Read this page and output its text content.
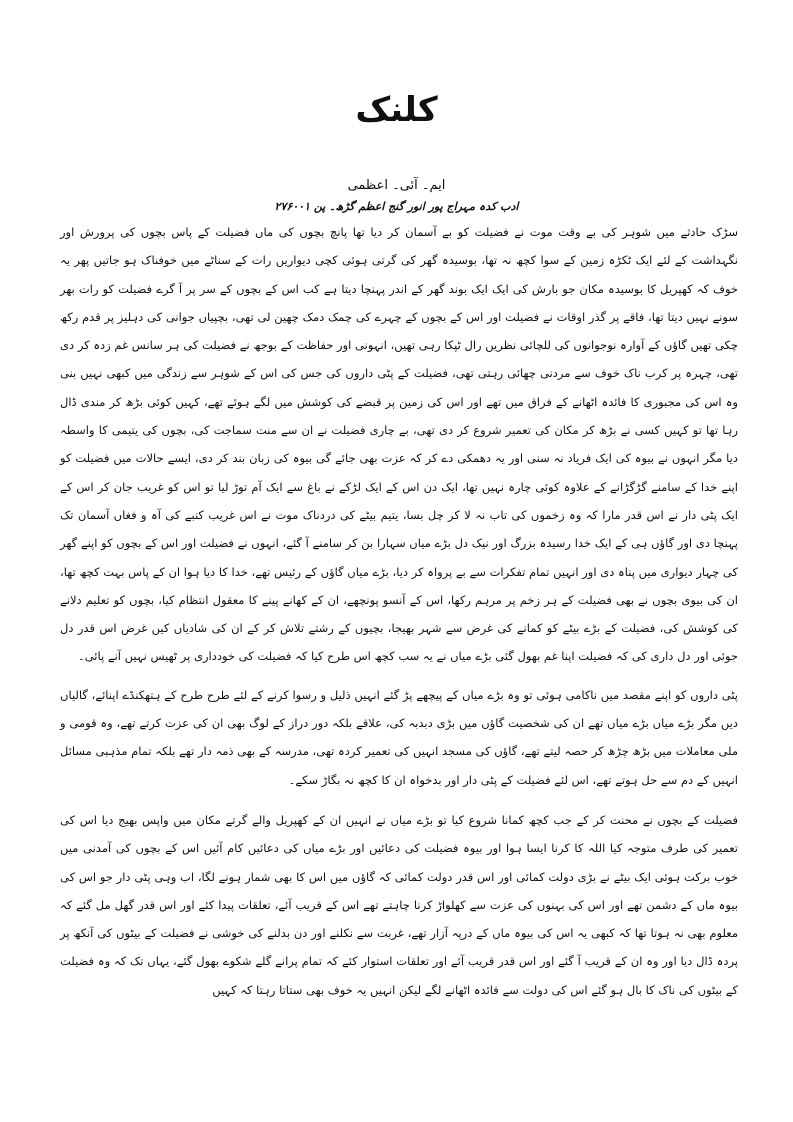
کلنک
ایم۔ آئی۔ اعظمی
ادب کدہ مہراج پور انور گنج اعظم گڑھ۔ پن ۲۷۶۰۰۱

سڑک حادثے میں شوہر کی بے وقت موت نے فضیلت کو بے آسمان کر دیا تھا پانچ بچوں کی ماں فضیلت کے پاس بچوں کی پرورش اور نگہداشت کے لئے ایک ٹکڑہ زمین کے سوا کچھ نہ تھا، بوسیدہ گھر کی گرتی ہوئی کچی دیواریں رات کے سناٹے میں خوفناک ہو جاتیں پھر یہ خوف کہ کھپریل کا بوسیدہ مکان جو بارش کی ایک ایک بوند گھر کے اندر پہنچا دیتا ہے کب اس کے بچوں کے سر پر آ گرے فضیلت کو رات بھر سونے نہیں دیتا تھا، فاقے پر گذر اوقات نے فضیلت اور اس کے بچوں کے چہرے کی چمک دمک چھین لی تھی، بچپیاں جوانی کی دہلیز پر قدم رکھ چکی تھیں گاؤں کے آوارہ نوجوانوں کی للچائی نظریں رال ٹپکا رہی تھیں، انہونی اور حفاظت کے بوجھ نے فضیلت کی ہر سانس غم زدہ کر دی تھی، چہرہ پر کرب ناک خوف سے مردنی چھائی رہتی تھی، فضیلت کے پٹی داروں کی جس کی اس کے شوہر سے زندگی میں کبھی نہیں بنی وہ اس کی مجبوری کا فائدہ اٹھانے کے فراق میں تھے اور اس کی زمین پر قبضے کی کوشش میں لگے ہوئے تھے، کہیں کوئی بڑھ کر مندی ڈال رہا تھا تو کہیں کسی نے بڑھ کر مکان کی تعمیر شروع کر دی تھی، بے چاری فضیلت نے ان سے منت سماجت کی، بچوں کی یتیمی کا واسطہ دیا مگر انہوں نے بیوہ کی ایک فریاد نہ سنی اور یہ دھمکی دے کر کہ عزت بھی جائے گی بیوہ کی زبان بند کر دی، ایسے حالات میں فضیلت کو اپنے خدا کے سامنے گڑگڑانے کے علاوہ کوئی چارہ نہیں تھا، ایک دن اس کے ایک لڑکے نے باغ سے ایک آم توڑ لیا تو اس کو غریب جان کر اس کے ایک پٹی دار نے اس قدر مارا کہ وہ زخموں کی تاب نہ لا کر چل بسا، یتیم بیٹے کی دردناک موت نے اس غریب کنبے کی آہ و فغاں آسمان تک پہنچا دی اور گاؤں ہی کے ایک خدا رسیدہ بزرگ اور نیک دل بڑے میاں سہارا بن کر سامنے آ گئے، انہوں نے فضیلت اور اس کے بچوں کو اپنے گھر کی چہار دیواری میں پناہ دی اور انہیں تمام تفکرات سے بے پرواہ کر دیا، بڑے میاں گاؤں کے رئیس تھے، خدا کا دیا ہوا ان کے پاس بہت کچھ تھا، ان کی بیوی بچوں نے بھی فضیلت کے ہر زخم پر مرہم رکھا، اس کے آنسو پونچھے، ان کے کھانے پینے کا معقول انتظام کیا، بچوں کو تعلیم دلانے کی کوشش کی، فضیلت کے بڑے بیٹے کو کمانے کی غرض سے شہر بھیجا، بچیوں کے رشتے تلاش کر کے ان کی شادیاں کیں غرض اس قدر دل جوئی اور دل داری کی کہ فضیلت اپنا غم بھول گئی بڑے میاں نے یہ سب کچھ اس طرح کیا کہ فضیلت کی خودداری پر ٹھیس نہیں آنے پائی۔

پٹی داروں کو اپنے مقصد میں ناکامی ہوئی تو وہ بڑے میاں کے پیچھے پڑ گئے انہیں ذلیل و رسوا کرنے کے لئے طرح طرح کے ہتھکنڈے اپنائے، گالیاں دیں مگر بڑے میاں بڑے میاں تھے ان کی شخصیت گاؤں میں بڑی دبدبہ کی، علاقے بلکہ دور دراز کے لوگ بھی ان کی عزت کرتے تھے، وہ قومی و ملی معاملات میں بڑھ چڑھ کر حصہ لیتے تھے، گاؤں کی مسجد انہیں کی تعمیر کردہ تھی، مدرسہ کے بھی ذمہ دار تھے بلکہ تمام مذہبی مسائل انہیں کے دم سے حل ہوتے تھے، اس لئے فضیلت کے پٹی دار اور بدخواہ ان کا کچھ نہ بگاڑ سکے۔

فضیلت کے بچوں نے محنت کر کے جب کچھ کمانا شروع کیا تو بڑے میاں نے انہیں ان کے کھپریل والے گرتے مکان میں واپس بھیج دیا اس کی تعمیر کی طرف متوجہ کیا اللہ کا کرنا ایسا ہوا اور بیوہ فضیلت کی دعائیں اور بڑے میاں کی دعائیں کام آئیں اس کے بچوں کی آمدنی میں خوب برکت ہوئی ایک بیٹے نے بڑی دولت کمائی اور اس قدر دولت کمائی کہ گاؤں میں اس کا بھی شمار ہونے لگا، اب وہی پٹی دار جو اس کی بیوہ ماں کے دشمن تھے اور اس کی بہنوں کی عزت سے کھلواڑ کرنا چاہتے تھے اس کے قریب آئے، تعلقات پیدا کئے اور اس قدر گھل مل گئے کہ معلوم بھی نہ ہوتا تھا کہ کبھی یہ اس کی بیوہ ماں کے درپہ آزار تھے، غربت سے نکلنے اور دن بدلنے کی خوشی نے فضیلت کے بیٹوں کی آنکھ پر پردہ ڈال دیا اور وہ ان کے قریب آ گئے اور اس قدر قریب آئے اور تعلقات استوار کئے کہ تمام پرانے گلے شکوے بھول گئے، یہاں تک کہ وہ فضیلت کے بیٹوں کی ناک کا بال ہو گئے اس کی دولت سے فائدہ اٹھانے لگے لیکن انہیں یہ خوف بھی ستاتا رہتا کہ کہیں
